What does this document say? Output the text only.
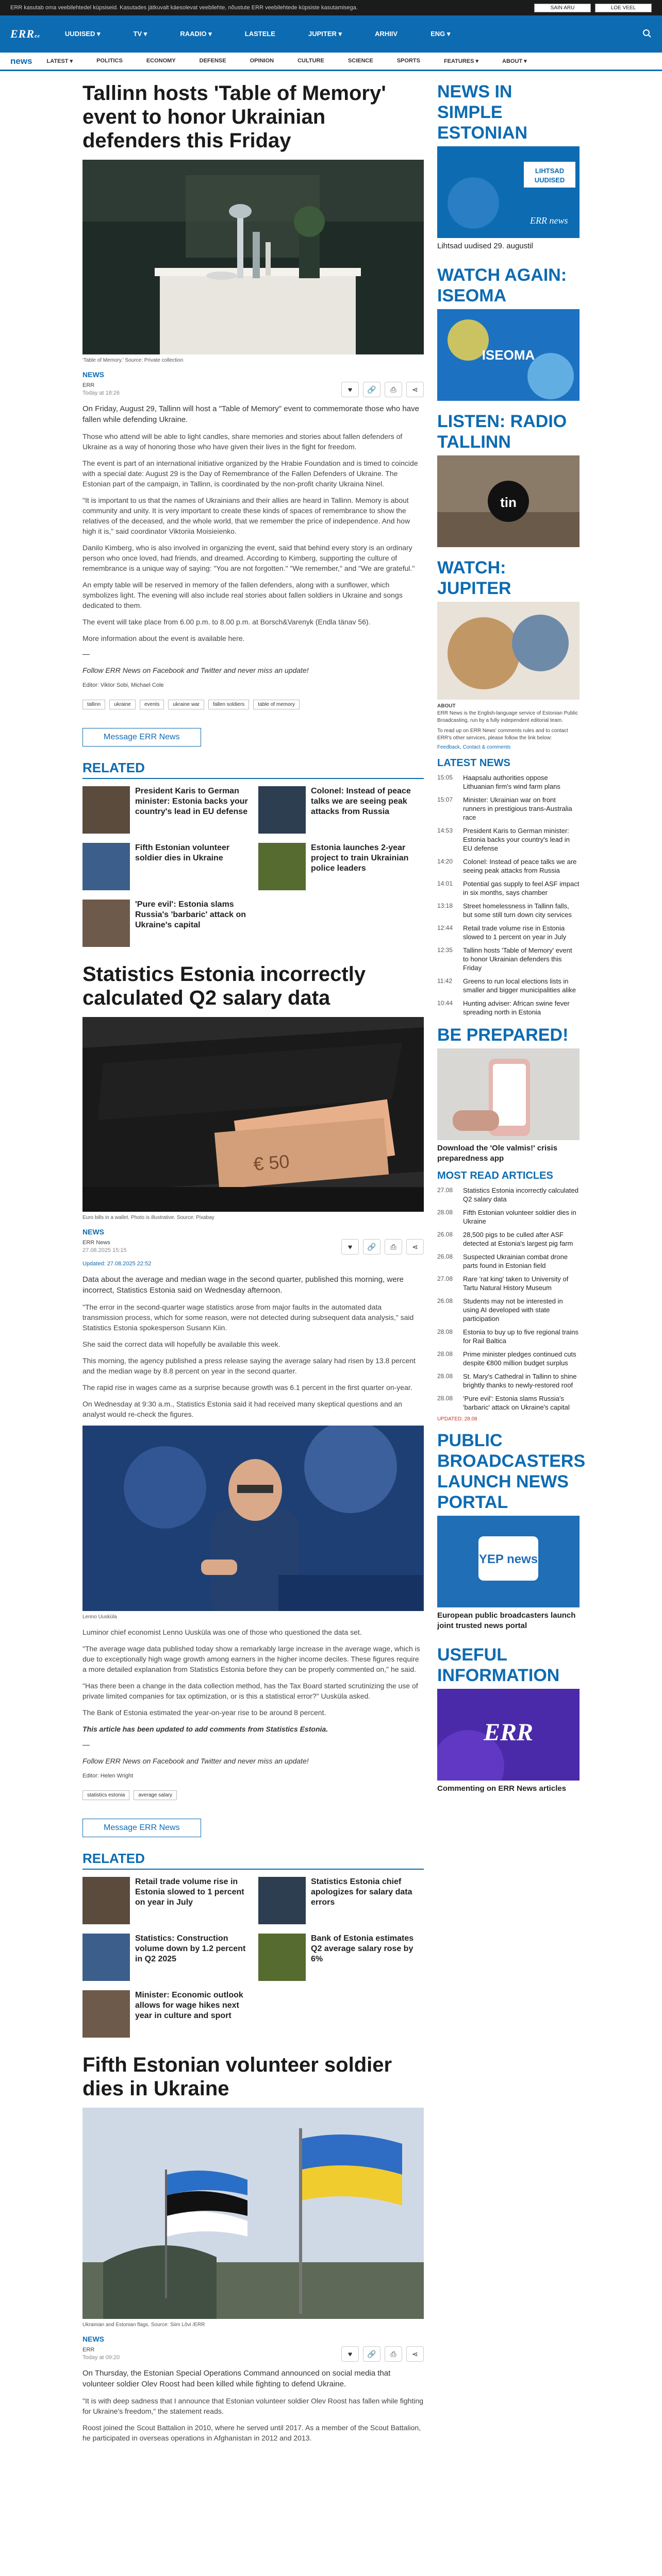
ERR kasutab oma veebilehtedel küpsiseid. Kasutades jätkuvalt käesolevat veebilehte, nõustute ERR veebilehtede küpsiste kasutamisega.	SAIN ARU	LOE VEEL
ERRee	UUDISED ▾	TV ▾	RAADIO ▾	LASTELE	JUPITER ▾	ARHIIV	ENG ▾
news	LATEST ▾	POLITICS	ECONOMY	DEFENSE	OPINION	CULTURE	SCIENCE	SPORTS	FEATURES ▾	ABOUT ▾
Tallinn hosts 'Table of Memory' event to honor Ukrainian defenders this Friday
'Table of Memory.' Source: Private collection
NEWS
ERR
Today at 18:26	♥	🔗	⎙	⋖

On Friday, August 29, Tallinn will host a "Table of Memory" event to commemorate those who have fallen while defending Ukraine.

Those who attend will be able to light candles, share memories and stories about fallen defenders of Ukraine as a way of honoring those who have given their lives in the fight for freedom.

The event is part of an international initiative organized by the Hrabie Foundation and is timed to coincide with a special date: August 29 is the Day of Remembrance of the Fallen Defenders of Ukraine. The Estonian part of the campaign, in Tallinn, is coordinated by the non-profit charity Ukraina Ninel.

"It is important to us that the names of Ukrainians and their allies are heard in Tallinn. Memory is about community and unity. It is very important to create these kinds of spaces of remembrance to show the relatives of the deceased, and the whole world, that we remember the price of independence. And how high it is," said coordinator Viktoriia Moisieienko.

Danilo Kimberg, who is also involved in organizing the event, said that behind every story is an ordinary person who once loved, had friends, and dreamed. According to Kimberg, supporting the culture of remembrance is a unique way of saying: "You are not forgotten." "We remember," and "We are grateful."

An empty table will be reserved in memory of the fallen defenders, along with a sunflower, which symbolizes light. The evening will also include real stories about fallen soldiers in Ukraine and songs dedicated to them.

The event will take place from 6.00 p.m. to 8.00 p.m. at Borsch&Varenyk (Endla tänav 56).

More information about the event is available here.

—
Follow ERR News on Facebook and Twitter and never miss an update!
Editor: Viktor Sobi, Michael Cole
tallinn	ukraine	events	ukraine war	fallen soldiers	table of memory
Message ERR News
RELATED
President Karis to German minister: Estonia backs your country's lead in EU defense
Colonel: Instead of peace talks we are seeing peak attacks from Russia
Fifth Estonian volunteer soldier dies in Ukraine
Estonia launches 2-year project to train Ukrainian police leaders
'Pure evil': Estonia slams Russia's 'barbaric' attack on Ukraine's capital
Statistics Estonia incorrectly calculated Q2 salary data
€ 50
Euro bills in a wallet. Photo is illustrative. Source: Pixabay
NEWS
ERR News
27.08.2025 15:15	♥	🔗	⎙	⋖
Updated: 27.08.2025 22:52

Data about the average and median wage in the second quarter, published this morning, were incorrect, Statistics Estonia said on Wednesday afternoon.

"The error in the second-quarter wage statistics arose from major faults in the automated data transmission process, which for some reason, were not detected during subsequent data analysis," said Statistics Estonia spokesperson Susann Kiin.

She said the correct data will hopefully be available this week.

This morning, the agency published a press release saying the average salary had risen by 13.8 percent and the median wage by 8.8 percent on year in the second quarter.

The rapid rise in wages came as a surprise because growth was 6.1 percent in the first quarter on-year.

On Wednesday at 9:30 a.m., Statistics Estonia said it had received many skeptical questions and an analyst would re-check the figures.

Lenno Uusküla

Luminor chief economist Lenno Uusküla was one of those who questioned the data set.

"The average wage data published today show a remarkably large increase in the average wage, which is due to exceptionally high wage growth among earners in the higher income deciles. These figures require a more detailed explanation from Statistics Estonia before they can be properly commented on," he said.

"Has there been a change in the data collection method, has the Tax Board started scrutinizing the use of private limited companies for tax optimization, or is this a statistical error?" Uusküla asked.

The Bank of Estonia estimated the year-on-year rise to be around 8 percent.

This article has been updated to add comments from Statistics Estonia.
—
Follow ERR News on Facebook and Twitter and never miss an update!
Editor: Helen Wright
statistics estonia	average salary
Message ERR News
RELATED
Retail trade volume rise in Estonia slowed to 1 percent on year in July
Statistics Estonia chief apologizes for salary data errors
Statistics: Construction volume down by 1.2 percent in Q2 2025
Bank of Estonia estimates Q2 average salary rose by 6%
Minister: Economic outlook allows for wage hikes next year in culture and sport
Fifth Estonian volunteer soldier dies in Ukraine
Ukrainian and Estonian flags. Source: Siim Lõvi /ERR
NEWS
ERR
Today at 09:20	♥	🔗	⎙	⋖

On Thursday, the Estonian Special Operations Command announced on social media that volunteer soldier Olev Roost had been killed while fighting to defend Ukraine.

"It is with deep sadness that I announce that Estonian volunteer soldier Olev Roost has fallen while fighting for Ukraine's freedom," the statement reads.

Roost joined the Scout Battalion in 2010, where he served until 2017. As a member of the Scout Battalion, he participated in overseas operations in Afghanistan in 2012 and 2013.

NEWS IN SIMPLE ESTONIAN
LIHTSAD
UUDISED
ERR news
Lihtsad uudised 29. augustil
WATCH AGAIN: ISEOMA
ISEOMA
LISTEN: RADIO TALLINN
tin
WATCH: JUPITER
ABOUT
ERR News is the English-language service of Estonian Public Broadcasting, run by a fully independent editorial team.
To read up on ERR News' comments rules and to contact ERR's other services, please follow the link below:
Feedback, Contact & comments
LATEST NEWS
15:05	Haapsalu authorities oppose Lithuanian firm's wind farm plans
15:07	Minister: Ukrainian war on front runners in prestigious trans-Australia race
14:53	President Karis to German minister: Estonia backs your country's lead in EU defense
14:20	Colonel: Instead of peace talks we are seeing peak attacks from Russia
14:01	Potential gas supply to feel ASF impact in six months, says chamber
13:18	Street homelessness in Tallinn falls, but some still turn down city services
12:44	Retail trade volume rise in Estonia slowed to 1 percent on year in July
12:35	Tallinn hosts 'Table of Memory' event to honor Ukrainian defenders this Friday
11:42	Greens to run local elections lists in smaller and bigger municipalities alike
10:44	Hunting adviser: African swine fever spreading north in Estonia
BE PREPARED!
Download the 'Ole valmis!' crisis preparedness app
MOST READ ARTICLES
27.08	Statistics Estonia incorrectly calculated Q2 salary data
28.08	Fifth Estonian volunteer soldier dies in Ukraine
26.08	28,500 pigs to be culled after ASF detected at Estonia's largest pig farm
26.08	Suspected Ukrainian combat drone parts found in Estonian field
27.08	Rare 'rat king' taken to University of Tartu Natural History Museum
26.08	Students may not be interested in using AI developed with state participation
28.08	Estonia to buy up to five regional trains for Rail Baltica
28.08	Prime minister pledges continued cuts despite €800 million budget surplus
28.08	St. Mary's Cathedral in Tallinn to shine brightly thanks to newly-restored roof
28.08	'Pure evil': Estonia slams Russia's 'barbaric' attack on Ukraine's capital
UPDATED: 28.08
PUBLIC BROADCASTERS LAUNCH NEWS PORTAL
YEP news
European public broadcasters launch joint trusted news portal
USEFUL INFORMATION
ERR
Commenting on ERR News articles
